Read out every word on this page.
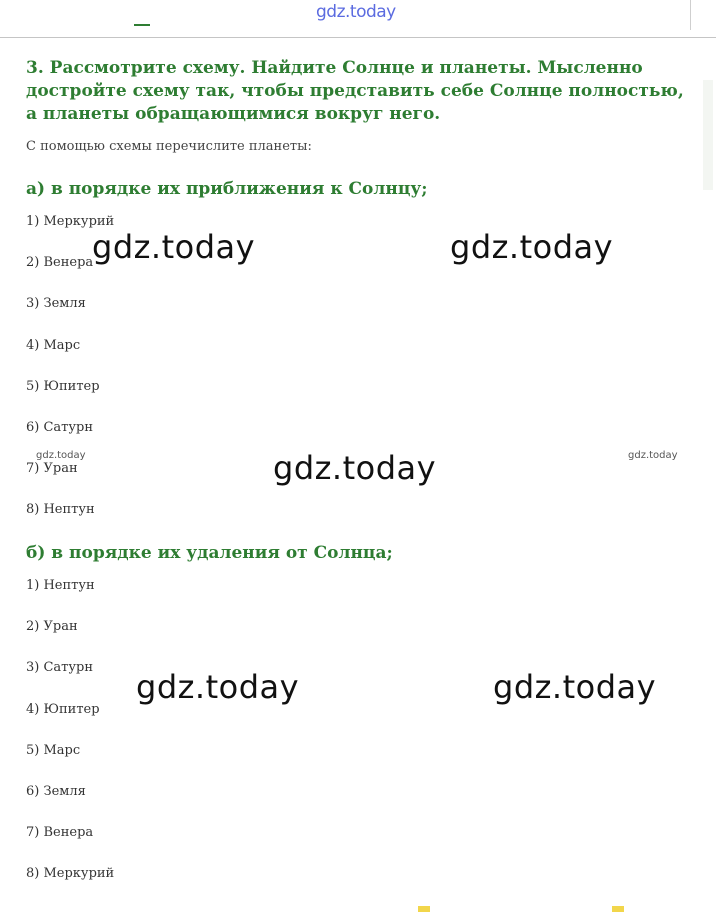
gdz.today
3. Рассмотрите схему. Найдите Солнце и планеты. Мысленно достройте схему так, чтобы представить себе Солнце полностью, а планеты обращающимися вокруг него.

С помощью схемы перечислите планеты:

а) в порядке их приближения к Солнцу;
1) Меркурий
2) Венера
3) Земля
4) Марс
5) Юпитер
6) Сатурн
7) Уран
8) Нептун
б) в порядке их удаления от Солнца;
1) Нептун
2) Уран
3) Сатурн
4) Юпитер
5) Марс
6) Земля
7) Венера
8) Меркурий
gdz.today	gdz.today
gdz.today
gdz.today	gdz.today
gdz.today	gdz.today
